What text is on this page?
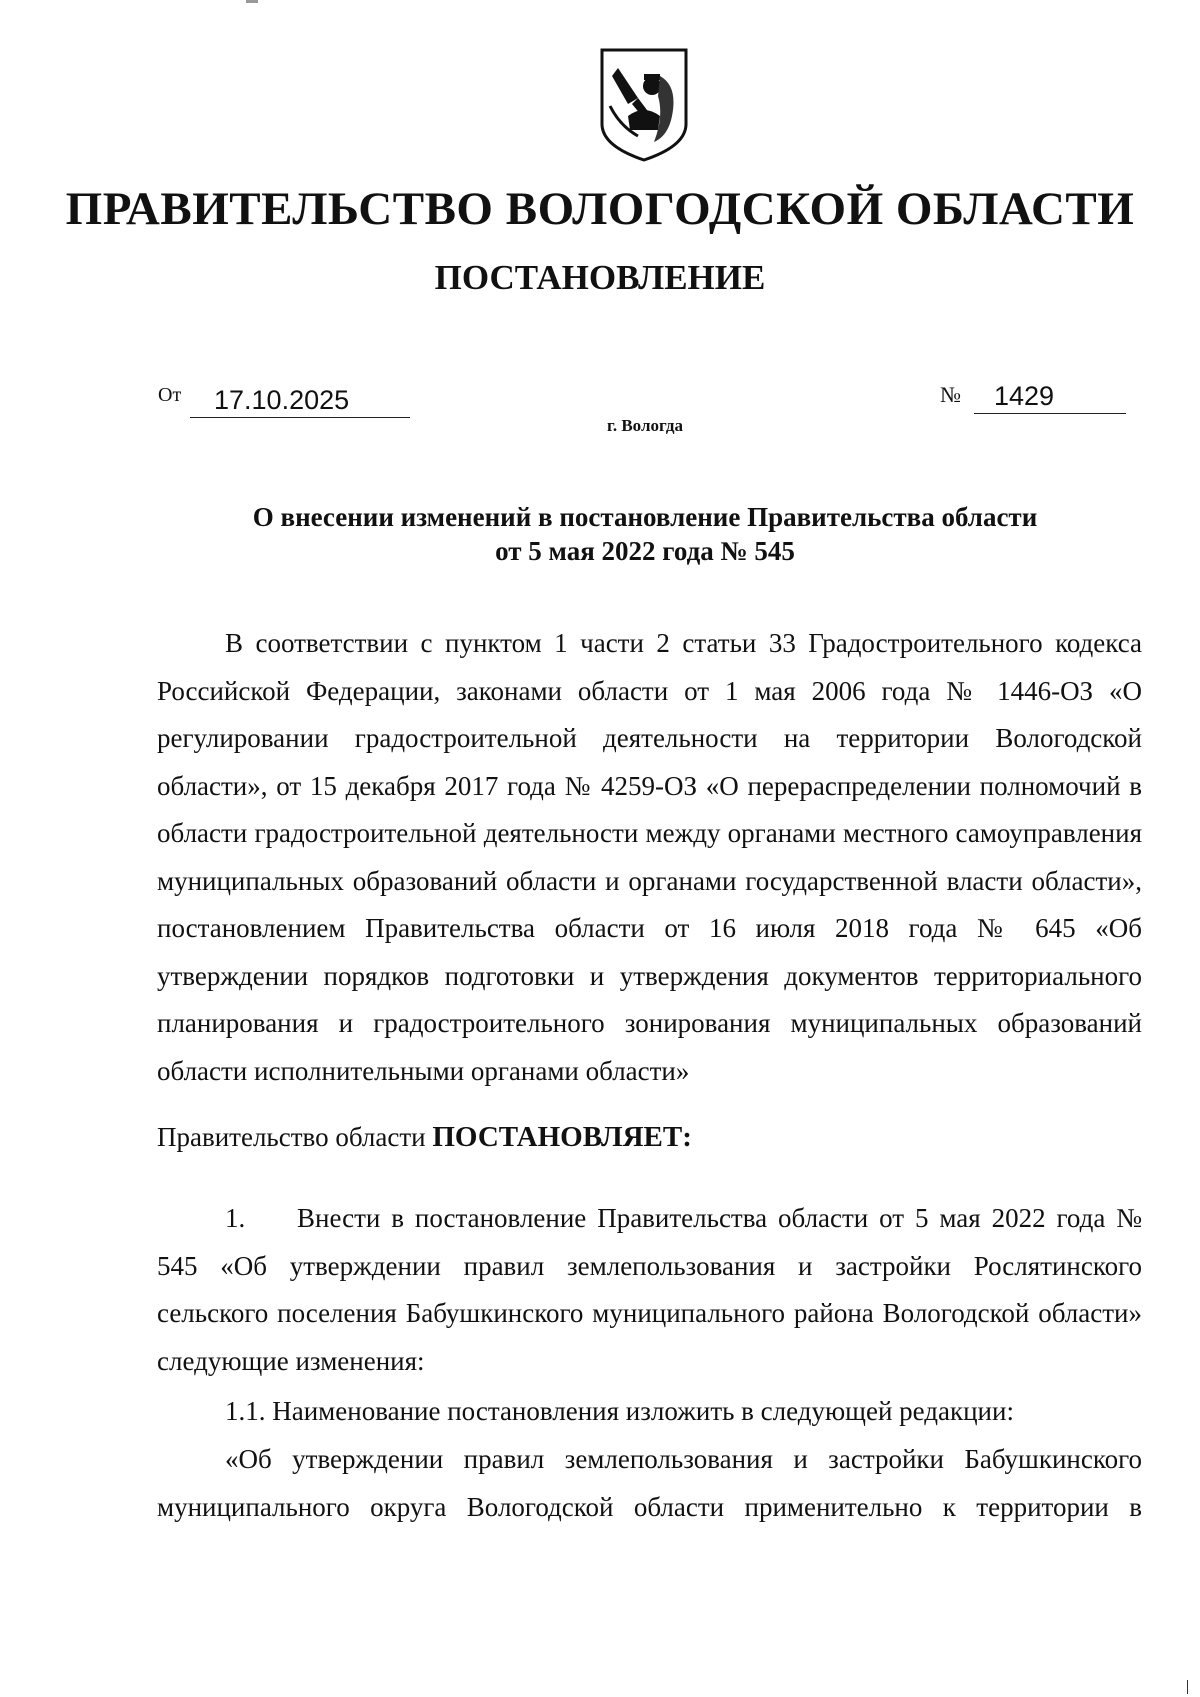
ПРАВИТЕЛЬСТВО ВОЛОГОДСКОЙ ОБЛАСТИ
ПОСТАНОВЛЕНИЕ
От	17.10.2025	№	1429
г. Вологда
О внесении изменений в постановление Правительства области
от 5 мая 2022 года № 545
В соответствии с пунктом 1 части 2 статьи 33 Градостроительного кодекса Российской Федерации, законами области от 1 мая 2006 года № 1446-ОЗ «О регулировании градостроительной деятельности на территории Вологодской области», от 15 декабря 2017 года № 4259-ОЗ «О перераспределении полномочий в области градостроительной деятельности между органами местного самоуправления муниципальных образований области и органами государственной власти области», постановлением Правительства области от 16 июля 2018 года № 645 «Об утверждении порядков подготовки и утверждения документов территориального планирования и градостроительного зонирования муниципальных образований области исполнительными органами области»
Правительство области ПОСТАНОВЛЯЕТ:
1. Внести в постановление Правительства области от 5 мая 2022 года № 545 «Об утверждении правил землепользования и застройки Рослятинского сельского поселения Бабушкинского муниципального района Вологодской области» следующие изменения:
1.1. Наименование постановления изложить в следующей редакции:
«Об утверждении правил землепользования и застройки Бабушкинского муниципального округа Вологодской области применительно к территории в
